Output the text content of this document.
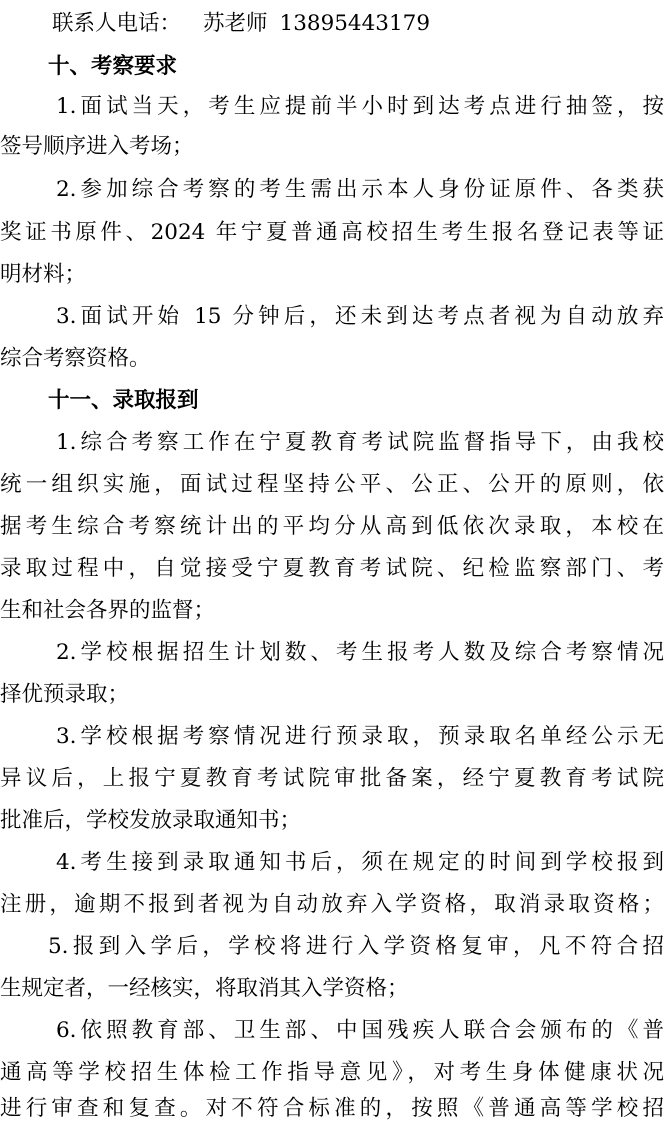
联系人电话： 苏老师 13895443179
十、考察要求
1.面试当天，考生应提前半小时到达考点进行抽签，按
签号顺序进入考场；
2.参加综合考察的考生需出示本人身份证原件、各类获
奖证书原件、2024 年宁夏普通高校招生考生报名登记表等证
明材料；
3.面试开始 15 分钟后，还未到达考点者视为自动放弃
综合考察资格。
十一、录取报到
1.综合考察工作在宁夏教育考试院监督指导下，由我校
统一组织实施，面试过程坚持公平、公正、公开的原则，依
据考生综合考察统计出的平均分从高到低依次录取，本校在
录取过程中，自觉接受宁夏教育考试院、纪检监察部门、考
生和社会各界的监督；
2.学校根据招生计划数、考生报考人数及综合考察情况
择优预录取；
3.学校根据考察情况进行预录取，预录取名单经公示无
异议后，上报宁夏教育考试院审批备案，经宁夏教育考试院
批准后，学校发放录取通知书；
4.考生接到录取通知书后，须在规定的时间到学校报到
注册，逾期不报到者视为自动放弃入学资格，取消录取资格；
5.报到入学后，学校将进行入学资格复审，凡不符合招
生规定者，一经核实，将取消其入学资格；
6.依照教育部、卫生部、中国残疾人联合会颁布的《普
通高等学校招生体检工作指导意见》，对考生身体健康状况
进行审查和复查。对不符合标准的，按照《普通高等学校招
